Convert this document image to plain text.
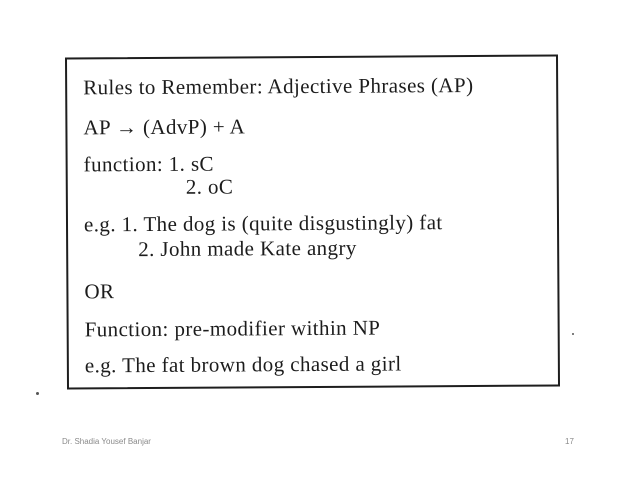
Rules to Remember: Adjective Phrases (AP)
AP → (AdvP) + A
function: 1. sC
2. oC
e.g. 1. The dog is (quite disgustingly) fat
2. John made Kate angry
OR
Function: pre-modifier within NP
e.g. The fat brown dog chased a girl
Dr. Shadia Yousef Banjar	17
